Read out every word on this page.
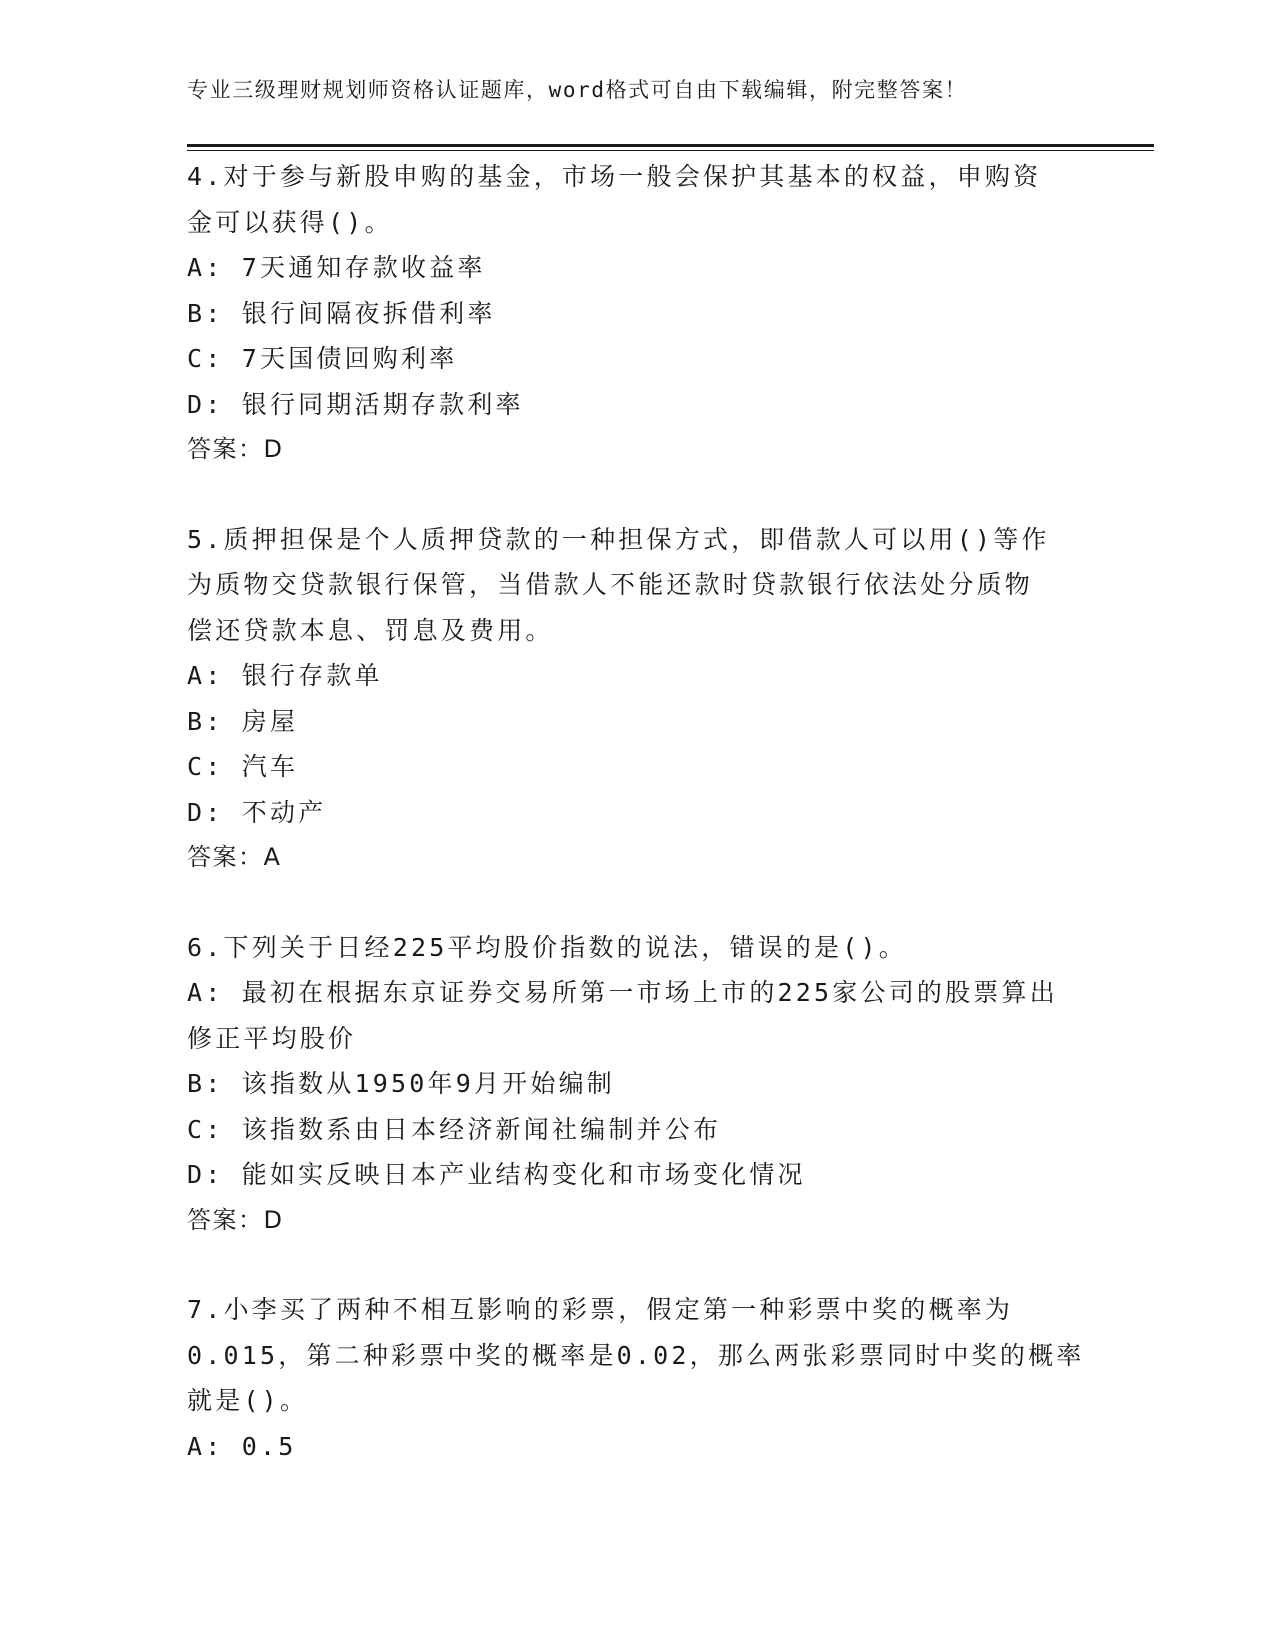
专业三级理财规划师资格认证题库，word格式可自由下载编辑，附完整答案！
4.对于参与新股申购的基金，市场一般会保护其基本的权益，申购资
金可以获得()。
A: 7天通知存款收益率
B: 银行间隔夜拆借利率
C: 7天国债回购利率
D: 银行同期活期存款利率
答案：D
5.质押担保是个人质押贷款的一种担保方式，即借款人可以用()等作
为质物交贷款银行保管，当借款人不能还款时贷款银行依法处分质物
偿还贷款本息、罚息及费用。
A: 银行存款单
B: 房屋
C: 汽车
D: 不动产
答案：A
6.下列关于日经225平均股价指数的说法，错误的是()。
A: 最初在根据东京证券交易所第一市场上市的225家公司的股票算出
修正平均股价
B: 该指数从1950年9月开始编制
C: 该指数系由日本经济新闻社编制并公布
D: 能如实反映日本产业结构变化和市场变化情况
答案：D
7.小李买了两种不相互影响的彩票，假定第一种彩票中奖的概率为
0.015，第二种彩票中奖的概率是0.02，那么两张彩票同时中奖的概率
就是()。
A: 0.5
